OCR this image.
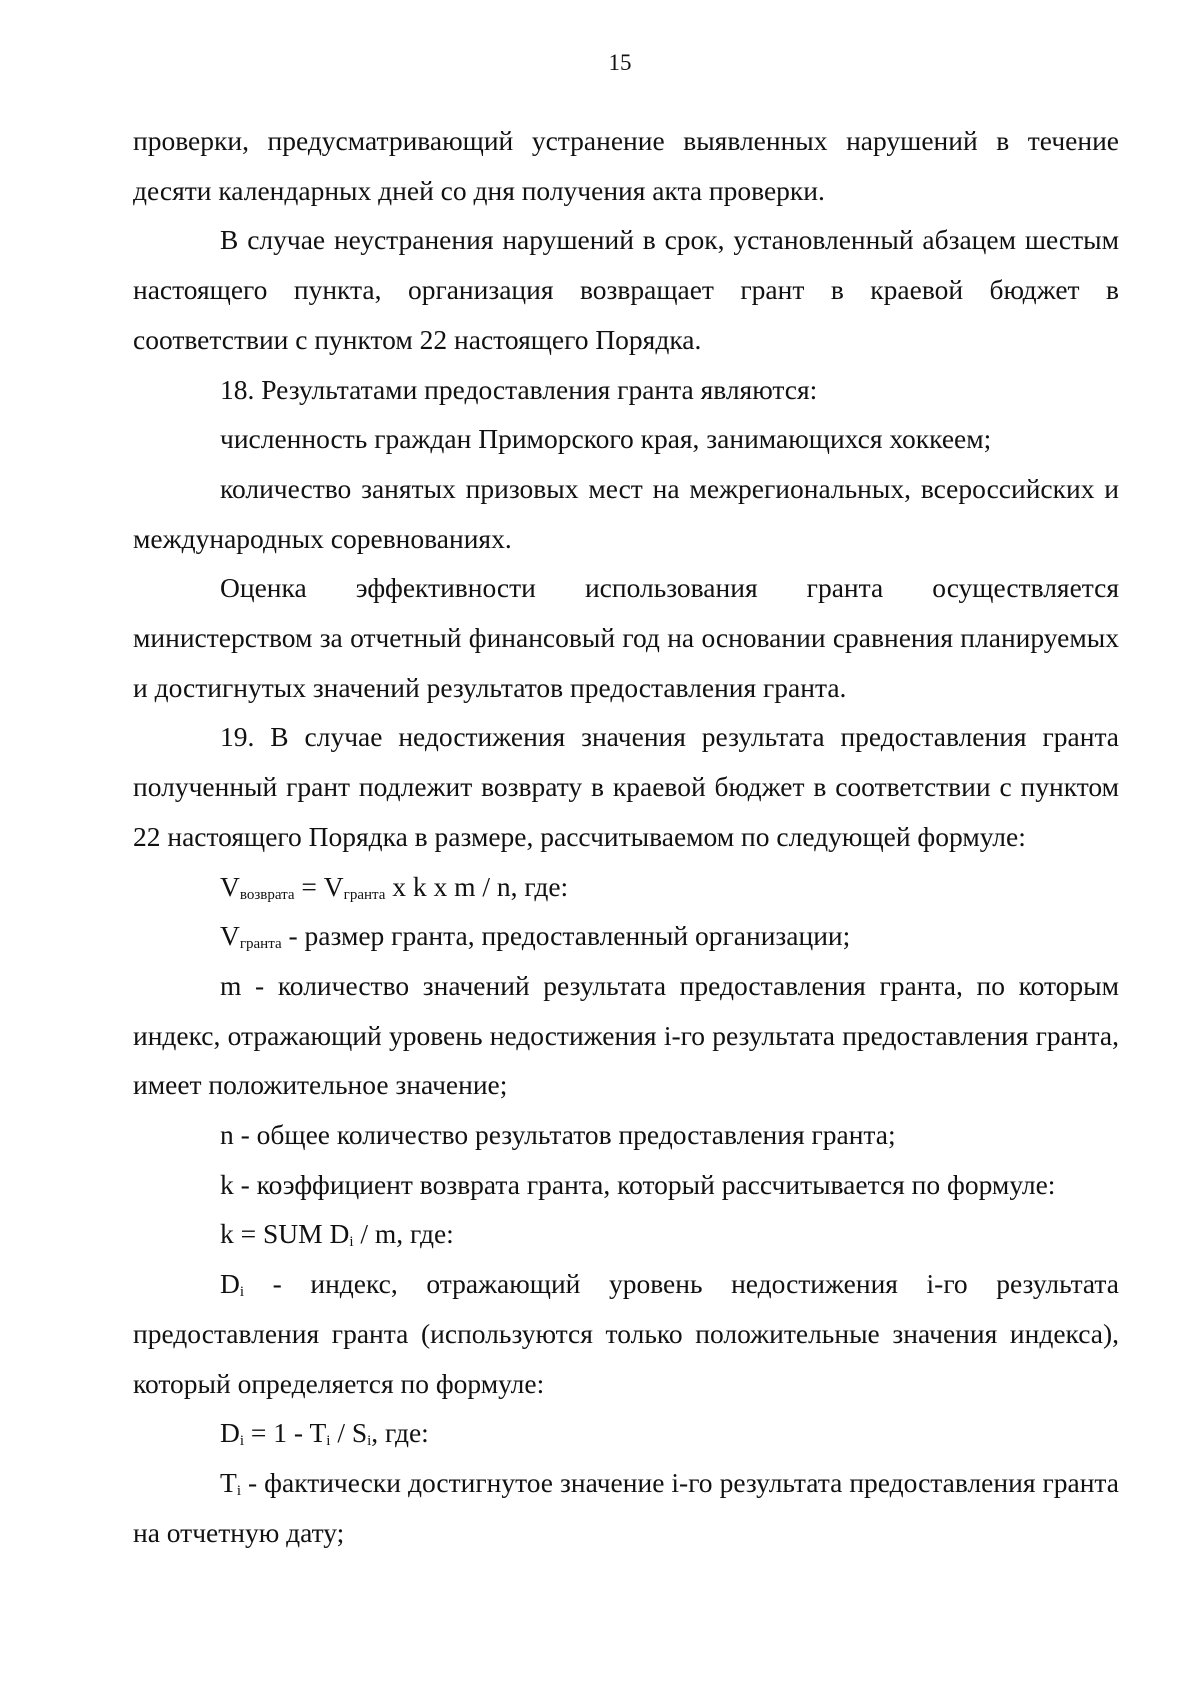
15

проверки, предусматривающий устранение выявленных нарушений в течение десяти календарных дней со дня получения акта проверки.

В случае неустранения нарушений в срок, установленный абзацем шестым настоящего пункта, организация возвращает грант в краевой бюджет в соответствии с пунктом 22 настоящего Порядка.

18. Результатами предоставления гранта являются:

численность граждан Приморского края, занимающихся хоккеем;

количество занятых призовых мест на межрегиональных, всероссийских и международных соревнованиях.

Оценка эффективности использования гранта осуществляется министерством за отчетный финансовый год на основании сравнения планируемых и достигнутых значений результатов предоставления гранта.

19. В случае недостижения значения результата предоставления гранта полученный грант подлежит возврату в краевой бюджет в соответствии с пунктом 22 настоящего Порядка в размере, рассчитываемом по следующей формуле:

$V_{возврата} = V_{гранта}$ x k x m / n, где:

$V_{гранта}$ - размер гранта, предоставленный организации;

m - количество значений результата предоставления гранта, по которым индекс, отражающий уровень недостижения i-го результата предоставления гранта, имеет положительное значение;

n - общее количество результатов предоставления гранта;

k - коэффициент возврата гранта, который рассчитывается по формуле:

k = SUM $D_i$ / m, где:

$D_i$ - индекс, отражающий уровень недостижения i-го результата предоставления гранта (используются только положительные значения индекса), который определяется по формуле:

$D_i = 1 - T_i / S_i$, где:

$T_i$ - фактически достигнутое значение i-го результата предоставления гранта на отчетную дату;
